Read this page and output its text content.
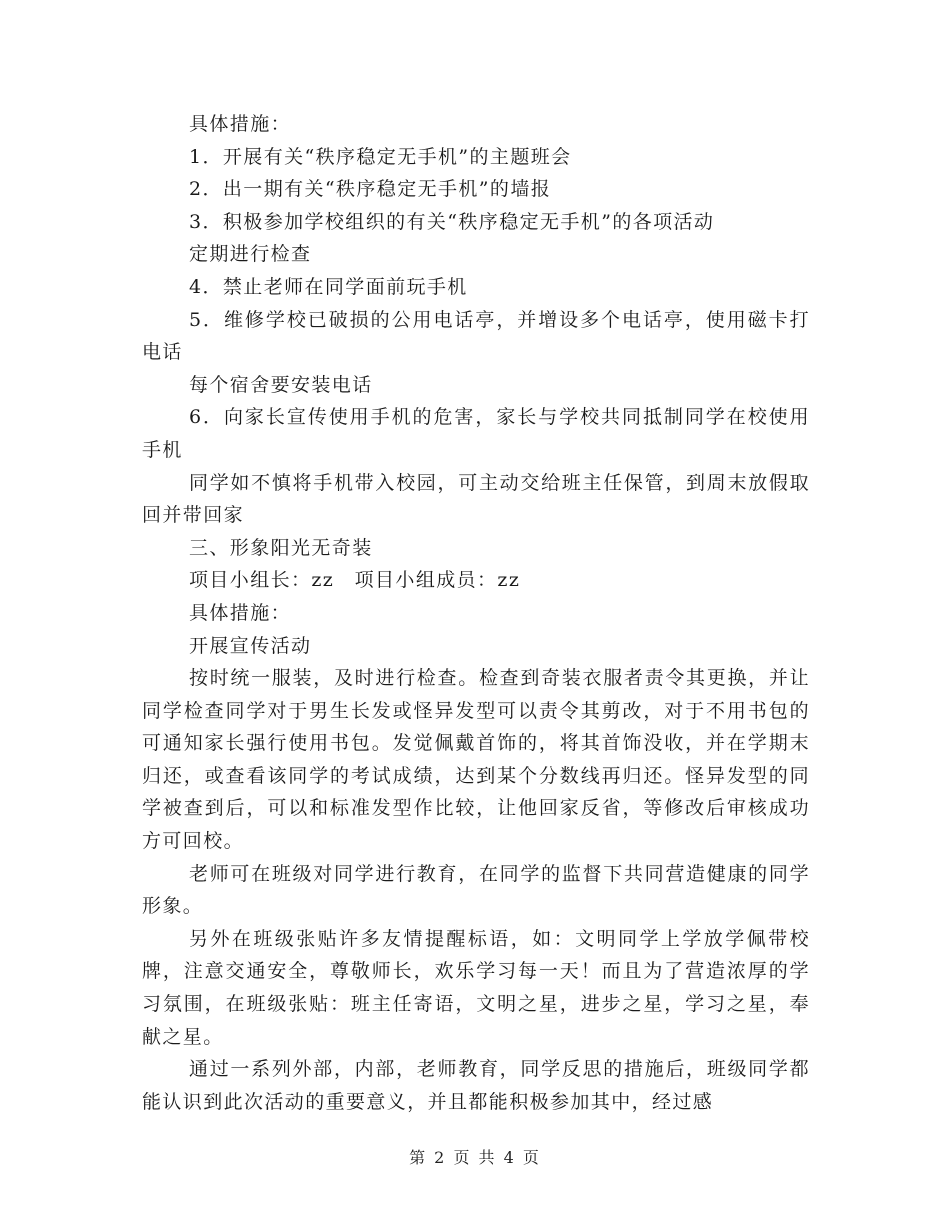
具体措施：

1．开展有关“秩序稳定无手机”的主题班会

2．出一期有关“秩序稳定无手机”的墙报

3．积极参加学校组织的有关“秩序稳定无手机”的各项活动

定期进行检查

4．禁止老师在同学面前玩手机

5．维修学校已破损的公用电话亭，并增设多个电话亭，使用磁卡打电话

每个宿舍要安装电话

6．向家长宣传使用手机的危害，家长与学校共同抵制同学在校使用手机

同学如不慎将手机带入校园，可主动交给班主任保管，到周末放假取回并带回家

三、形象阳光无奇装

项目小组长：zz　项目小组成员：zz

具体措施：

开展宣传活动

按时统一服装，及时进行检查。检查到奇装衣服者责令其更换，并让同学检查同学对于男生长发或怪异发型可以责令其剪改，对于不用书包的可通知家长强行使用书包。发觉佩戴首饰的，将其首饰没收，并在学期末归还，或查看该同学的考试成绩，达到某个分数线再归还。怪异发型的同学被查到后，可以和标准发型作比较，让他回家反省，等修改后审核成功方可回校。

老师可在班级对同学进行教育，在同学的监督下共同营造健康的同学形象。

另外在班级张贴许多友情提醒标语，如：文明同学上学放学佩带校牌，注意交通安全，尊敬师长，欢乐学习每一天！而且为了营造浓厚的学习氛围，在班级张贴：班主任寄语，文明之星，进步之星，学习之星，奉献之星。

通过一系列外部，内部，老师教育，同学反思的措施后，班级同学都能认识到此次活动的重要意义，并且都能积极参加其中，经过感

第 2 页 共 4 页
